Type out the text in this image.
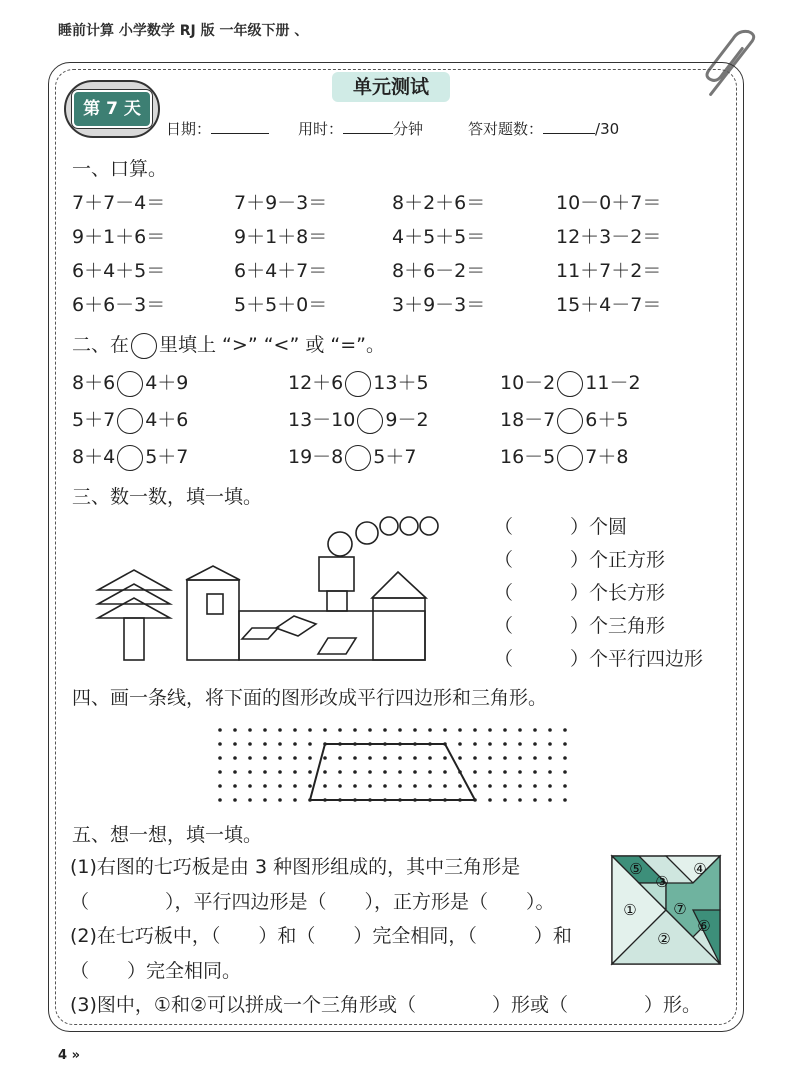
睡前计算 小学数学 RJ 版 一年级下册 、
单元测试
第 7 天
日期：	用时：	分钟	答对题数：	/30
一、口算。
7＋7－4＝	7＋9－3＝	8＋2＋6＝	10－0＋7＝
9＋1＋6＝	9＋1＋8＝	4＋5＋5＝	12＋3－2＝
6＋4＋5＝	6＋4＋7＝	8＋6－2＝	11＋7＋2＝
6＋6－3＝	5＋5＋0＝	3＋9－3＝	15＋4－7＝
二、在 里填上 “>” “<” 或 “=”。
8＋6 4＋9	12＋6 13＋5	10－2 11－2
5＋7 4＋6	13－10 9－2	18－7 6＋5
8＋4 5＋7	19－8 5＋7	16－5 7＋8
三、数一数，填一填。
（　　　）个圆
（　　　）个正方形
（　　　）个长方形
（　　　）个三角形
（　　　）个平行四边形
四、画一条线，将下面的图形改成平行四边形和三角形。
五、想一想，填一填。
(1)右图的七巧板是由 3 种图形组成的，其中三角形是
（　　　　），平行四边形是（　　），正方形是（　　）。
(2)在七巧板中，（　　）和（　　）完全相同，（　　　）和
（　　）完全相同。
(3)图中，①和②可以拼成一个三角形或（　　　　）形或（　　　　）形。
⑤	④
③
① ⑦
⑥
②
4 »
